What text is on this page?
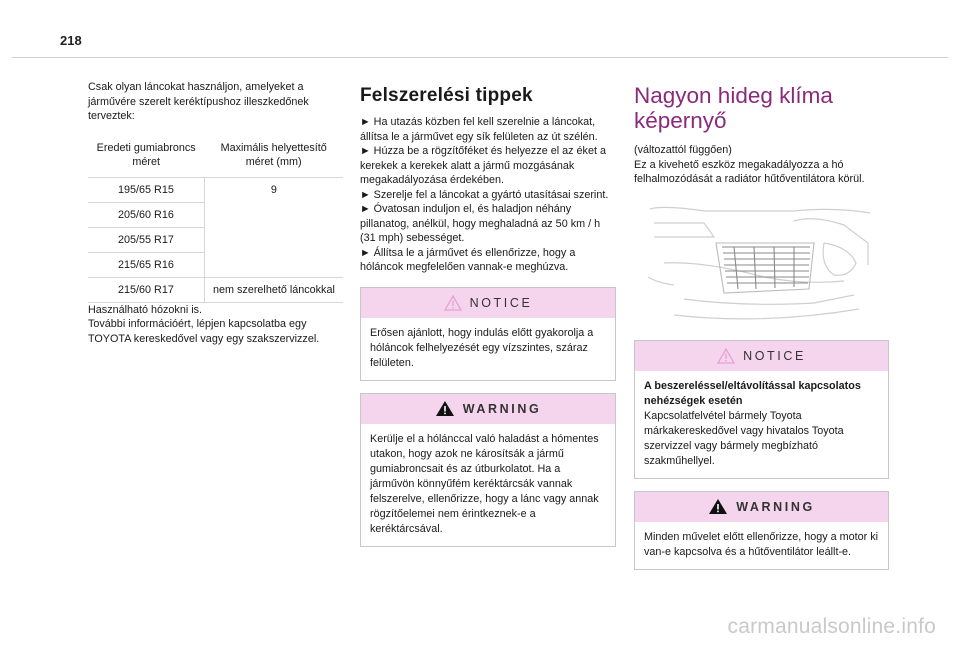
218

Csak olyan láncokat használjon, amelyeket a járművére szerelt keréktípushoz illeszkedőnek terveztek:

Eredeti gumiabroncs méret	Maximális helyettesítő méret (mm)
195/65 R15	9
205/60 R16	
205/55 R17	
215/65 R16	
215/60 R17	nem szerelhető láncokkal

Használható hózokni is.
További információért, lépjen kapcsolatba egy TOYOTA kereskedővel vagy egy szakszervizzel.

Felszerelési tippek

► Ha utazás közben fel kell szerelnie a láncokat, állítsa le a járművet egy sík felületen az út szélén.
► Húzza be a rögzítőféket és helyezze el az éket a kerekek a kerekek alatt a jármű mozgásának megakadályozása érdekében.
► Szerelje fel a láncokat a gyártó utasításai szerint.
► Óvatosan induljon el, és haladjon néhány pillanatog, anélkül, hogy meghaladná az 50 km / h (31 mph) sebességet.
► Állítsa le a járművet és ellenőrizze, hogy a hóláncok megfelelően vannak-e meghúzva.

NOTICE
Erősen ajánlott, hogy indulás előtt gyakorolja a hóláncok felhelyezését egy vízszintes, száraz felületen.
WARNING
Kerülje el a hólánccal való haladást a hómentes utakon, hogy azok ne károsítsák a jármű gumiabroncsait és az útburkolatot. Ha a járművön könnyűfém keréktárcsák vannak felszerelve, ellenőrizze, hogy a lánc vagy annak rögzítőelemei nem érintkeznek-e a keréktárcsával.
Nagyon hideg klíma képernyő

(változattól függően)

Ez a kivehető eszköz megakadályozza a hó felhalmozódását a radiátor hűtőventilátora körül.

NOTICE
A beszereléssel/eltávolítással kapcsolatos nehézségek esetén
Kapcsolatfelvétel bármely Toyota márkakereskedővel vagy hivatalos Toyota szervizzel vagy bármely megbízható szakműhellyel.
WARNING
Minden művelet előtt ellenőrizze, hogy a motor ki van-e kapcsolva és a hűtőventilátor leállt-e.
carmanualsonline.info
